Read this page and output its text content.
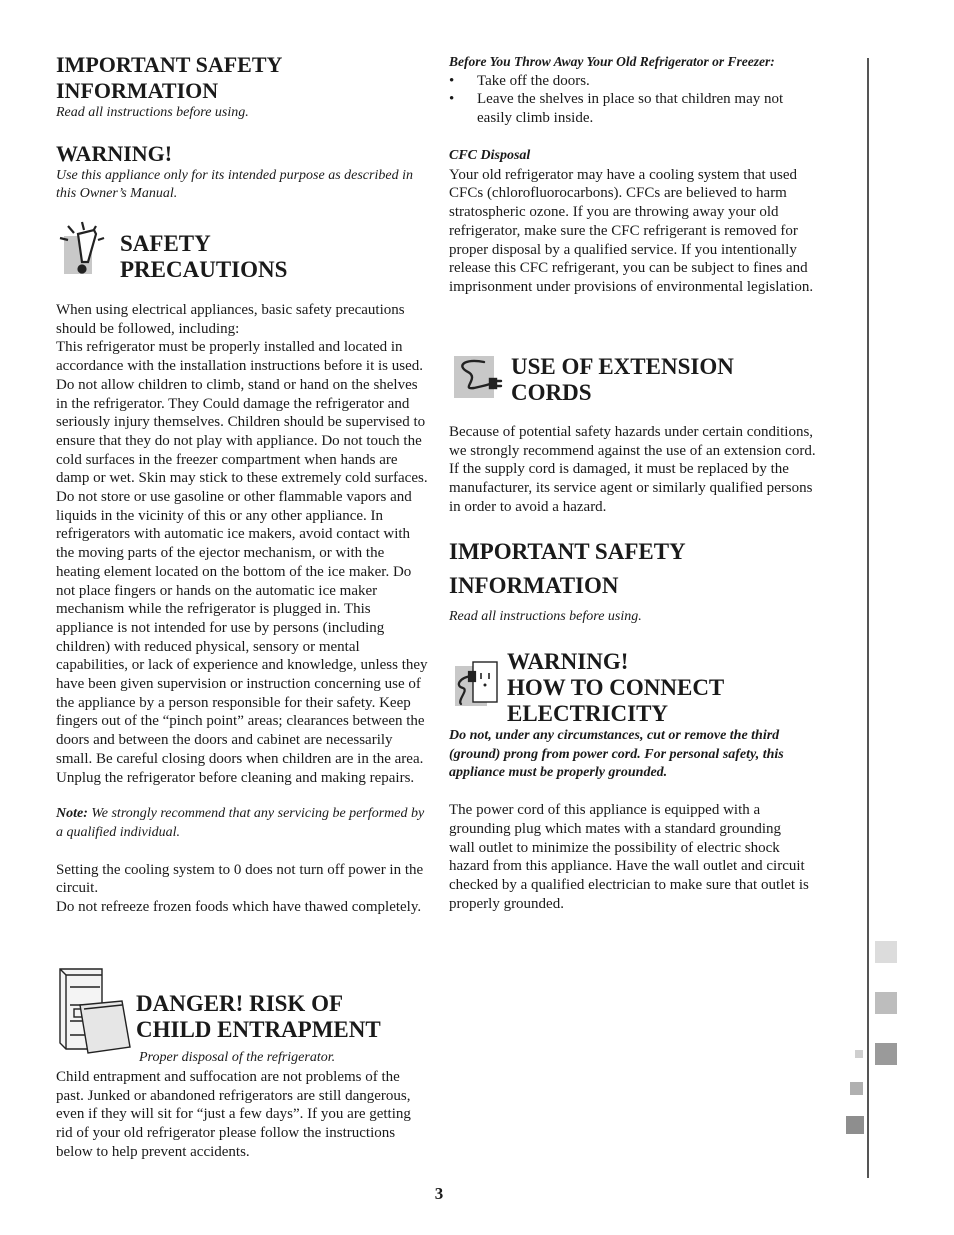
IMPORTANT SAFETY INFORMATION

Read all instructions before using.

WARNING!

Use this appliance only for its intended purpose as described in this Owner’s Manual.

SAFETY
PRECAUTIONS

When using electrical appliances, basic safety precautions should be followed, including:

This refrigerator must be properly installed and located in accordance with the installation instructions before it is used. Do not allow children to climb, stand or hand on the shelves in the refrigerator. They Could damage the refrigerator and seriously injury themselves. Children should be supervised to ensure that they do not play with appliance. Do not touch the cold surfaces in the freezer compartment when hands are damp or wet. Skin may stick to these extremely cold surfaces. Do not store or use gasoline or other flammable vapors and liquids in the vicinity of this or any other appliance. In refrigerators with automatic ice makers, avoid contact with the moving parts of the ejector mechanism, or with the heating element located on the bottom of the ice maker. Do not place fingers or hands on the automatic ice maker mechanism while the refrigerator is plugged in. This appliance is not intended for use by persons (including children) with reduced physical, sensory or mental capabilities, or lack of experience and knowledge, unless they have been given supervision or instruction concerning use of the appliance by a person responsible for their safety. Keep fingers out of the “pinch point” areas; clearances between the doors and between the doors and cabinet are necessarily small. Be careful closing doors when children are in the area. Unplug the refrigerator before cleaning and making repairs.

Note: We strongly recommend that any servicing be performed by a qualified individual.

Setting the cooling system to 0 does not turn off power in the circuit.

Do not refreeze frozen foods which have thawed completely.

DANGER! RISK OF
CHILD ENTRAPMENT

Proper disposal of the refrigerator.

Child entrapment and suffocation are not problems of the past. Junked or abandoned refrigerators are still dangerous, even if they will sit for “just a few days”. If you are getting rid of your old refrigerator please follow the instructions below to help prevent accidents.

Before You Throw Away Your Old Refrigerator or Freezer:

• Take off the doors.
• Leave the shelves in place so that children may not easily climb inside.

CFC Disposal

Your old refrigerator may have a cooling system that used CFCs (chlorofluorocarbons). CFCs are believed to harm stratospheric ozone. If you are throwing away your old refrigerator, make sure the CFC refrigerant is removed for proper disposal by a qualified service. If you intentionally release this CFC refrigerant, you can be subject to fines and imprisonment under provisions of environmental legislation.

USE OF EXTENSION
CORDS

Because of potential safety hazards under certain conditions, we strongly recommend against the use of an extension cord. If the supply cord is damaged, it must be replaced by the manufacturer, its service agent or similarly qualified persons in order to avoid a hazard.

IMPORTANT SAFETY
INFORMATION

Read all instructions before using.

WARNING!
HOW TO CONNECT
ELECTRICITY

Do not, under any circumstances, cut or remove the third (ground) prong from power cord. For personal safety, this appliance must be properly grounded.

The power cord of this appliance is equipped with a grounding plug which mates with a standard grounding wall outlet to minimize the possibility of electric shock hazard from this appliance. Have the wall outlet and circuit checked by a qualified electrician to make sure that outlet is properly grounded.

3
